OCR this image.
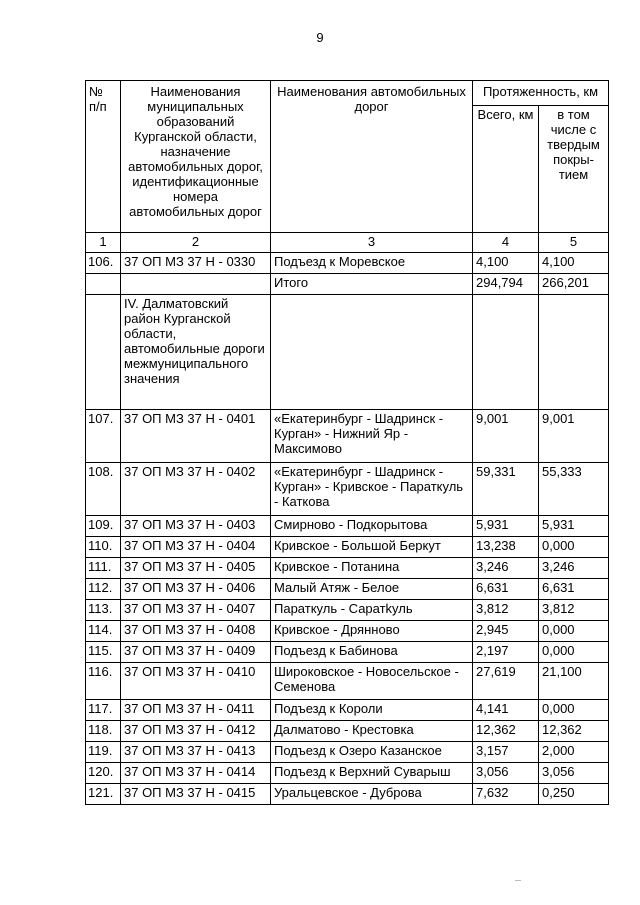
9
№ п/п	Наименования муниципальных образований Курганской области, назначение автомобильных дорог, идентификационные номера автомобильных дорог	Наименования автомобильных дорог	Протяженность, км	
			Всего, км	в том числе с твердым покры- тием
1	2	3	4	5
106.	37 ОП МЗ 37 Н - 0330	Подъезд к Моревское	4,100	4,100
		Итого	294,794	266,201
	IV. Далматовский район Курганской области, автомобильные дороги межмуниципального значения			
107.	37 ОП МЗ 37 Н - 0401	«Екатеринбург - Шадринск - Курган» - Нижний Яр - Максимово	9,001	9,001
108.	37 ОП МЗ 37 Н - 0402	«Екатеринбург - Шадринск - Курган» - Кривское - Параткуль - Каткова	59,331	55,333
109.	37 ОП МЗ 37 Н - 0403	Смирново - Подкорытова	5,931	5,931
110.	37 ОП МЗ 37 Н - 0404	Кривское - Большой Беркут	13,238	0,000
111.	37 ОП МЗ 37 Н - 0405	Кривское - Потанина	3,246	3,246
112.	37 ОП МЗ 37 Н - 0406	Малый Атяж - Белое	6,631	6,631
113.	37 ОП МЗ 37 Н - 0407	Параткуль - Саратkуль	3,812	3,812
114.	37 ОП МЗ 37 Н - 0408	Кривское - Дрянново	2,945	0,000
115.	37 ОП МЗ 37 Н - 0409	Подъезд к Бабинова	2,197	0,000
116.	37 ОП МЗ 37 Н - 0410	Широковское - Новосельское - Семенова	27,619	21,100
117.	37 ОП МЗ 37 Н - 0411	Подъезд к Короли	4,141	0,000
118.	37 ОП МЗ 37 Н - 0412	Далматово - Крестовка	12,362	12,362
119.	37 ОП МЗ 37 Н - 0413	Подъезд к Озеро Казанское	3,157	2,000
120.	37 ОП МЗ 37 Н - 0414	Подъезд к Верхний Суварыш	3,056	3,056
121.	37 ОП МЗ 37 Н - 0415	Уральцевское - Дуброва	7,632	0,250
